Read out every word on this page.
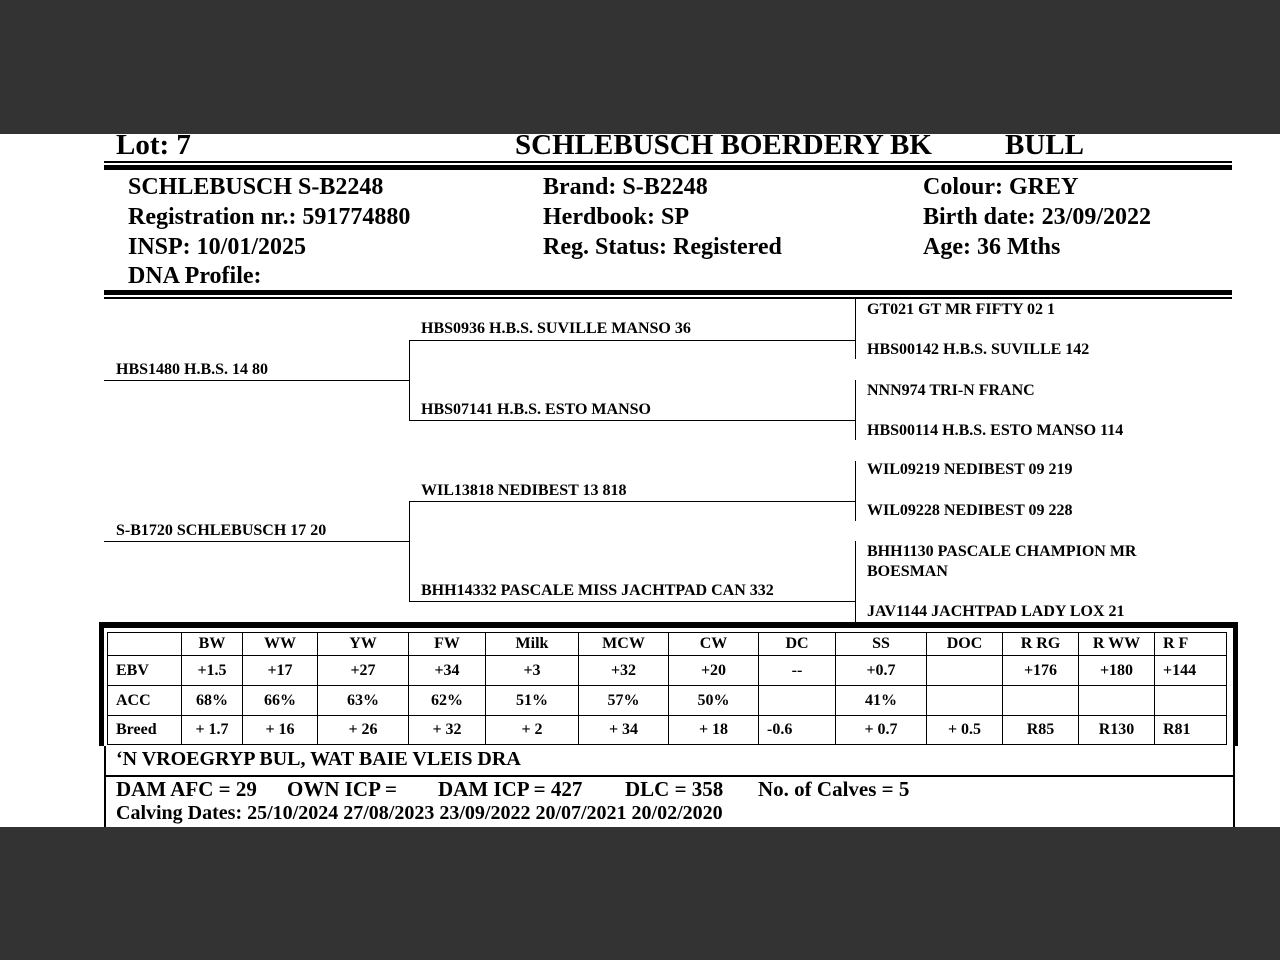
Lot: 7	SCHLEBUSCH BOERDERY BK	BULL
SCHLEBUSCH S-B2248
Registration nr.: 591774880
INSP: 10/01/2025
DNA Profile:
Brand: S-B2248
Herdbook: SP
Reg. Status: Registered
Colour: GREY
Birth date: 23/09/2022
Age: 36 Mths
HBS1480 H.B.S. 14 80
S-B1720 SCHLEBUSCH 17 20
HBS0936 H.B.S. SUVILLE MANSO 36
HBS07141 H.B.S. ESTO MANSO
WIL13818 NEDIBEST 13 818
BHH14332 PASCALE MISS JACHTPAD CAN 332
GT021 GT MR FIFTY 02 1
HBS00142 H.B.S. SUVILLE 142
NNN974 TRI-N FRANC
HBS00114 H.B.S. ESTO MANSO 114
WIL09219 NEDIBEST 09 219
WIL09228 NEDIBEST 09 228
BHH1130 PASCALE CHAMPION MR
BOESMAN
JAV1144 JACHTPAD LADY LOX 21
	BW	WW	YW	FW	Milk	MCW	CW	DC	SS	DOC	R RG	R WW	R F
EBV	+1.5	+17	+27	+34	+3	+32	+20	--	+0.7		+176	+180	+144
ACC	68%	66%	63%	62%	51%	57%	50%		41%				
Breed	+ 1.7	+ 16	+ 26	+ 32	+ 2	+ 34	+ 18	-0.6	+ 0.7	+ 0.5	R85	R130	R81
‘N VROEGRYP BUL, WAT BAIE VLEIS DRA
DAM AFC = 29 OWN ICP = DAM ICP = 427 DLC = 358 No. of Calves = 5
Calving Dates: 25/10/2024 27/08/2023 23/09/2022 20/07/2021 20/02/2020
